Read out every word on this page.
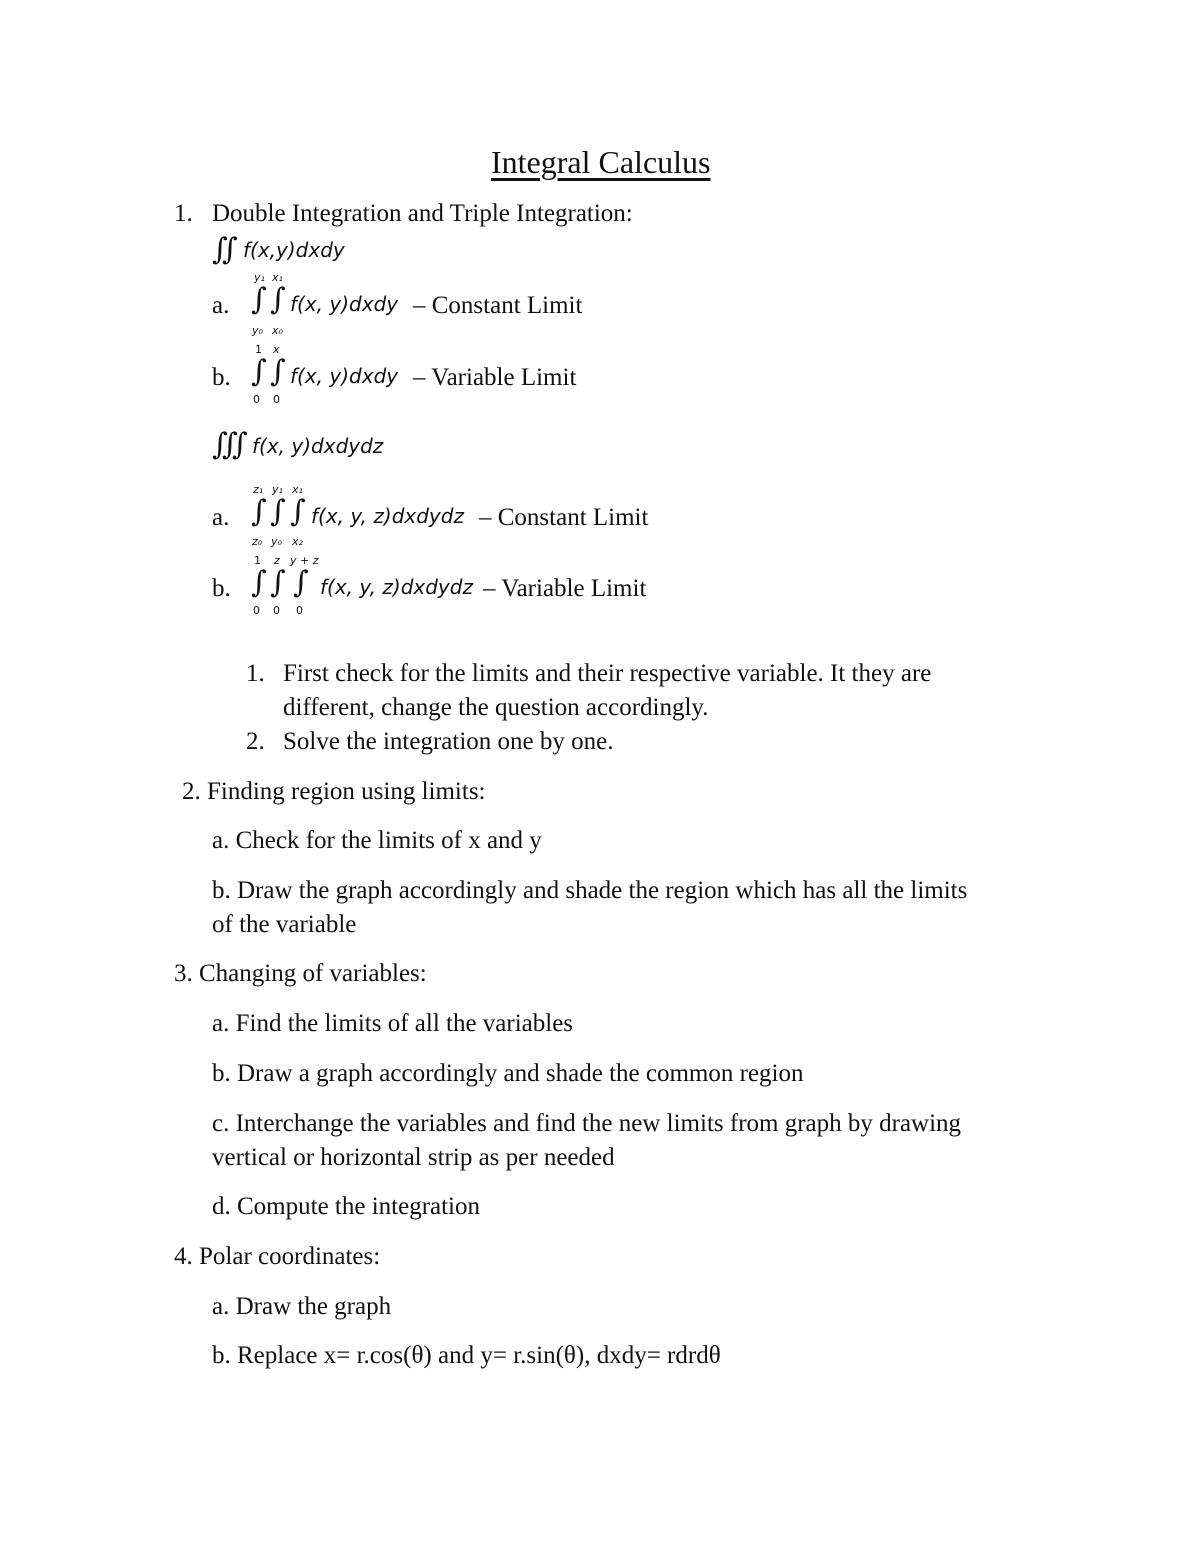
Integral Calculus
1. Double Integration and Triple Integration:
∬ f(x,y)dxdy
a.
y₁ x₁
∫ ∫
y₀ x₀
f(x, y)dxdy – Constant Limit
b.
1 x
∫ ∫
0 0
f(x, y)dxdy – Variable Limit
∭ f(x, y)dxdydz
a.
z₁ y₁ x₁
∫ ∫ ∫
z₀ y₀ x₂
f(x, y, z)dxdydz – Constant Limit
b.
1 z y + z
∫ ∫ ∫
0 0 0
f(x, y, z)dxdydz – Variable Limit
1. First check for the limits and their respective variable. It they are
different, change the question accordingly.
2. Solve the integration one by one.
2. Finding region using limits:
a. Check for the limits of x and y
b. Draw the graph accordingly and shade the region which has all the limits
of the variable
3. Changing of variables:
a. Find the limits of all the variables
b. Draw a graph accordingly and shade the common region
c. Interchange the variables and find the new limits from graph by drawing
vertical or horizontal strip as per needed
d. Compute the integration
4. Polar coordinates:
a. Draw the graph
b. Replace x= r.cos(θ) and y= r.sin(θ), dxdy= rdrdθ
